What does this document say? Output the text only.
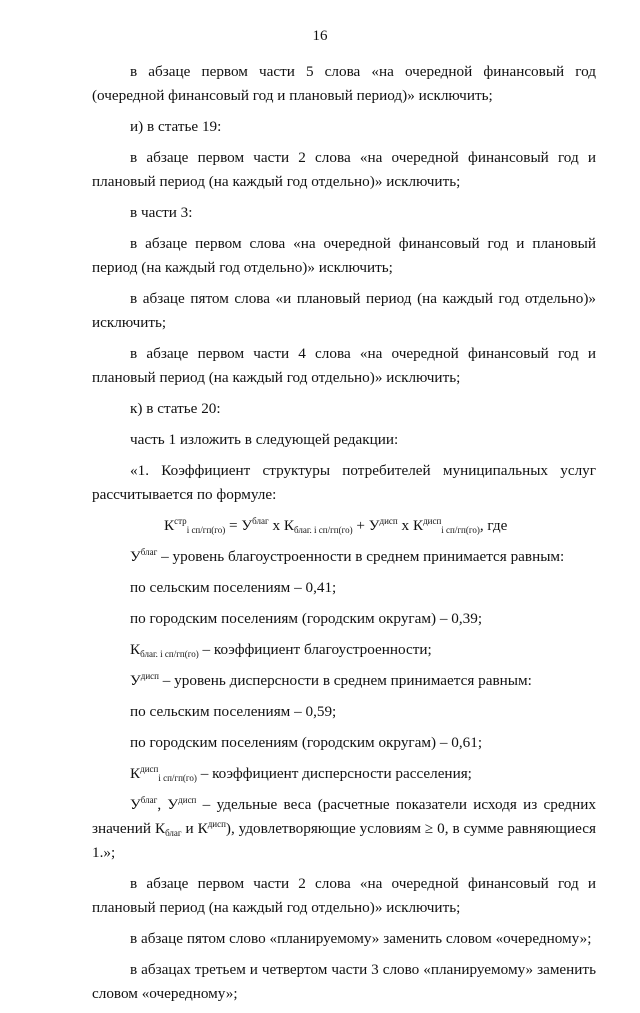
16

в абзаце первом части 5 слова «на очередной финансовый год (очередной финансовый год и плановый период)» исключить;

и) в статье 19:

в абзаце первом части 2 слова «на очередной финансовый год и плановый период (на каждый год отдельно)» исключить;

в части 3:

в абзаце первом слова «на очередной финансовый год и плановый период (на каждый год отдельно)» исключить;

в абзаце пятом слова «и плановый период (на каждый год отдельно)» исключить;

в абзаце первом части 4 слова «на очередной финансовый год и плановый период (на каждый год отдельно)» исключить;

к) в статье 20:

часть 1 изложить в следующей редакции:

«1. Коэффициент структуры потребителей муниципальных услуг рассчитывается по формуле:

$К^{стр}_{i сп/гп(го)} = У^{благ}$ х $К_{благ. i сп/гп(го)} + У^{дисп}$ х $К^{дисп}_{i сп/гп(го)}$, где

$У^{благ}$ – уровень благоустроенности в среднем принимается равным:

по сельским поселениям – 0,41;

по городским поселениям (городским округам) – 0,39;

$К_{благ. i сп/гп(го)}$ – коэффициент благоустроенности;

$У^{дисп}$ – уровень дисперсности в среднем принимается равным:

по сельским поселениям – 0,59;

по городским поселениям (городским округам) – 0,61;

$К^{дисп}_{i сп/гп(го)}$ – коэффициент дисперсности расселения;

$У^{благ}$, $У^{дисп}$ – удельные веса (расчетные показатели исходя из средних значений $К_{благ}$ и $К^{дисп}$), удовлетворяющие условиям ≥ 0, в сумме равняющиеся 1.»;

в абзаце первом части 2 слова «на очередной финансовый год и плановый период (на каждый год отдельно)» исключить;

в абзаце пятом слово «планируемому» заменить словом «очередному»;

в абзацах третьем и четвертом части 3 слово «планируемому» заменить словом «очередному»;
